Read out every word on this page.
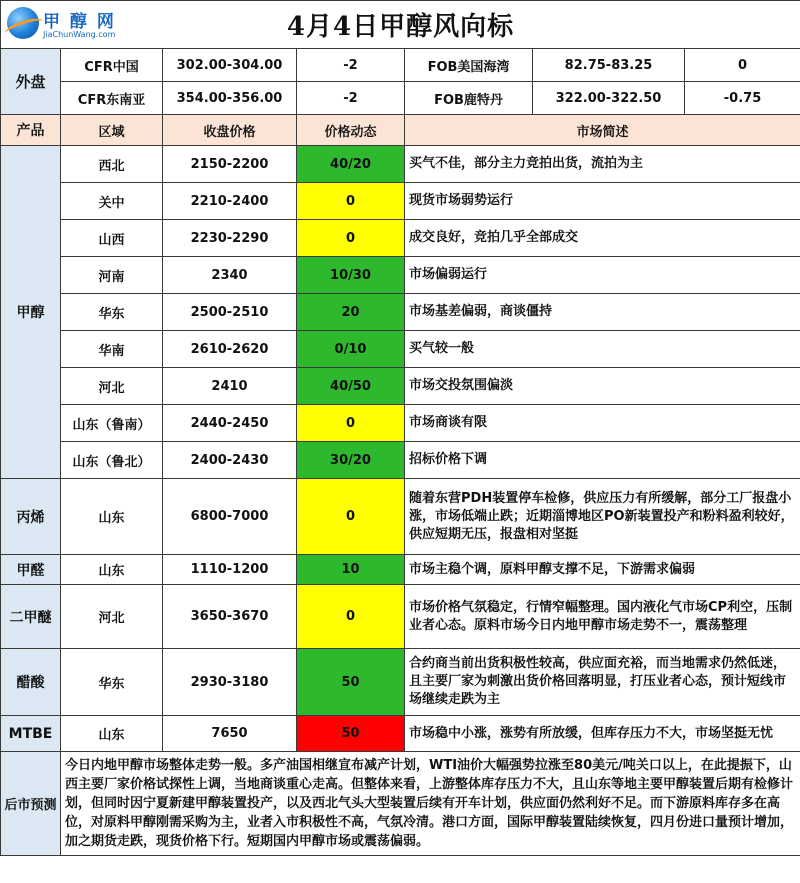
甲 醇 网
JiaChunWang.com 4月4日甲醇风向标						

外盘	CFR中国	302.00-304.00	-2	FOB美国海湾	82.75-83.25	0
	CFR东南亚	354.00-356.00	-2	FOB鹿特丹	322.00-322.50	-0.75
产品	区域	收盘价格	价格动态	市场简述		
甲醇	西北	2150-2200	40/20	买气不佳，部分主力竞拍出货，流拍为主		
	关中	2210-2400	0	现货市场弱势运行		
	山西	2230-2290	0	成交良好，竞拍几乎全部成交		
	河南	2340	10/30	市场偏弱运行		
	华东	2500-2510	20	市场基差偏弱，商谈僵持		
	华南	2610-2620	0/10	买气较一般		
	河北	2410	40/50	市场交投氛围偏淡		
	山东（鲁南）	2440-2450	0	市场商谈有限		
	山东（鲁北）	2400-2430	30/20	招标价格下调		
丙烯	山东	6800-7000	0	随着东营PDH装置停车检修，供应压力有所缓解，部分工厂报盘小涨，市场低端止跌；近期淄博地区PO新装置投产和粉料盈利较好，供应短期无压，报盘相对坚挺		
甲醛	山东	1110-1200	10	市场主稳个调，原料甲醇支撑不足，下游需求偏弱		
二甲醚	河北	3650-3670	0	市场价格气氛稳定，行情窄幅整理。国内液化气市场CP利空，压制业者心态。原料市场今日内地甲醇市场走势不一，震荡整理		
醋酸	华东	2930-3180	50	合约商当前出货积极性较高，供应面充裕，而当地需求仍然低迷，且主要厂家为刺激出货价格回落明显，打压业者心态，预计短线市场继续走跌为主		
MTBE	山东	7650	50	市场稳中小涨，涨势有所放缓，但库存压力不大，市场坚挺无忧		
后市预测	今日内地甲醇市场整体走势一般。多产油国相继宣布减产计划，WTI油价大幅强势拉涨至80美元/吨关口以上，在此提振下，山西主要厂家价格试探性上调，当地商谈重心走高。但整体来看，上游整体库存压力不大，且山东等地主要甲醇装置后期有检修计划，但同时因宁夏新建甲醇装置投产，以及西北气头大型装置后续有开车计划，供应面仍然利好不足。而下游原料库存多在高位，对原料甲醇刚需采购为主，业者入市积极性不高，气氛冷清。港口方面，国际甲醇装置陆续恢复，四月份进口量预计增加，加之期货走跌，现货价格下行。短期国内甲醇市场或震荡偏弱。					
